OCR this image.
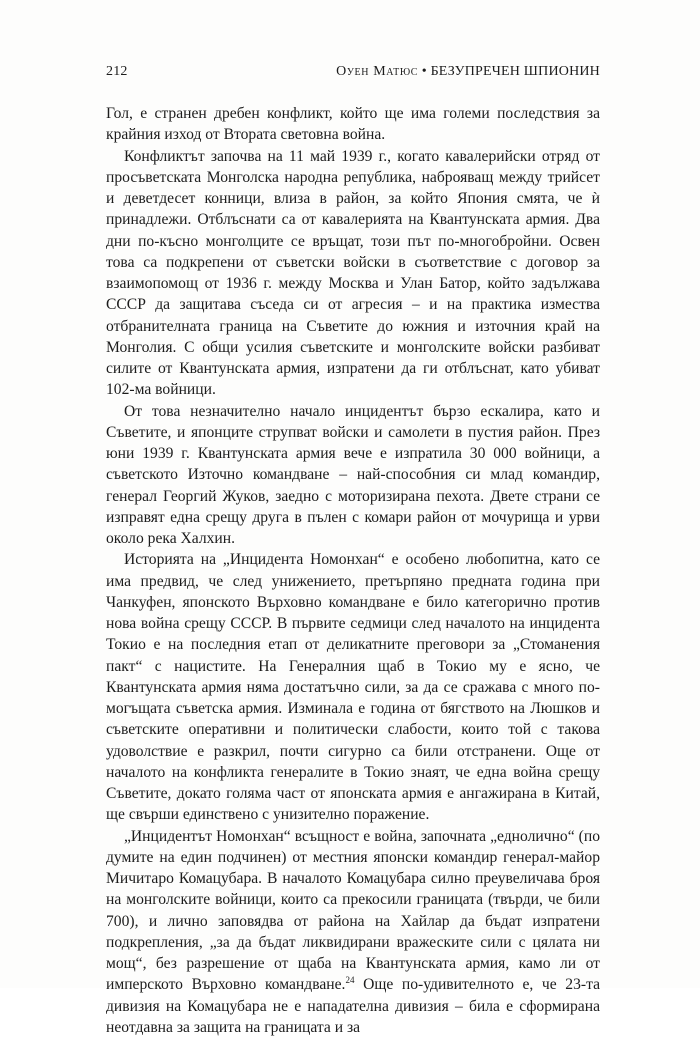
212	Оуен Матюс • БЕЗУПРЕЧЕН ШПИОНИН

Гол, е странен дребен конфликт, който ще има големи последствия за крайния изход от Втората световна война.

Конфликтът започва на 11 май 1939 г., когато кавалерийски отряд от просъветската Монголска народна република, наброяващ между трийсет и деветдесет конници, влиза в район, за който Япония смята, че ѝ принадлежи. Отблъснати са от кавалерията на Квантунската армия. Два дни по-късно монголците се връщат, този път по-многобройни. Освен това са подкрепени от съветски войски в съответствие с договор за взаимопомощ от 1936 г. между Москва и Улан Батор, който задължава СССР да защитава съседа си от агресия – и на практика измества отбранителната граница на Съветите до южния и източния край на Монголия. С общи усилия съветските и монголските войски разбиват силите от Квантунската армия, изпратени да ги отблъснат, като убиват 102-ма войници.

От това незначително начало инцидентът бързо ескалира, като и Съветите, и японците струпват войски и самолети в пустия район. През юни 1939 г. Квантунската армия вече е изпратила 30 000 войници, а съветското Източно командване – най-способния си млад командир, генерал Георгий Жуков, заедно с моторизирана пехота. Двете страни се изправят една срещу друга в пълен с комари район от мочурища и урви около река Халхин.

Историята на „Инцидента Номонхан“ е особено любопитна, като се има предвид, че след унижението, претърпяно предната година при Чанкуфен, японското Върховно командване е било категорично против нова война срещу СССР. В първите седмици след началото на инцидента Токио е на последния етап от деликатните преговори за „Стоманения пакт“ с нацистите. На Генералния щаб в Токио му е ясно, че Квантунската армия няма достатъчно сили, за да се сражава с много по-могъщата съветска армия. Изминала е година от бягството на Люшков и съветските оперативни и политически слабости, които той с такова удоволствие е разкрил, почти сигурно са били отстранени. Още от началото на конфликта генералите в Токио знаят, че една война срещу Съветите, докато голяма част от японската армия е ангажирана в Китай, ще свърши единствено с унизително поражение.

„Инцидентът Номонхан“ всъщност е война, започната „еднолично“ (по думите на един подчинен) от местния японски командир генерал-майор Мичитаро Комацубара. В началото Комацубара силно преувеличава броя на монголските войници, които са прекосили границата (твърди, че били 700), и лично заповядва от района на Хайлар да бъдат изпратени подкрепления, „за да бъдат ликвидирани вражеските сили с цялата ни мощ“, без разрешение от щаба на Квантунската армия, камо ли от имперското Върховно командване.$^{24}$ Още по-удивителното е, че 23-та дивизия на Комацубара не е нападателна дивизия – била е сформирана неотдавна за защита на границата и за
